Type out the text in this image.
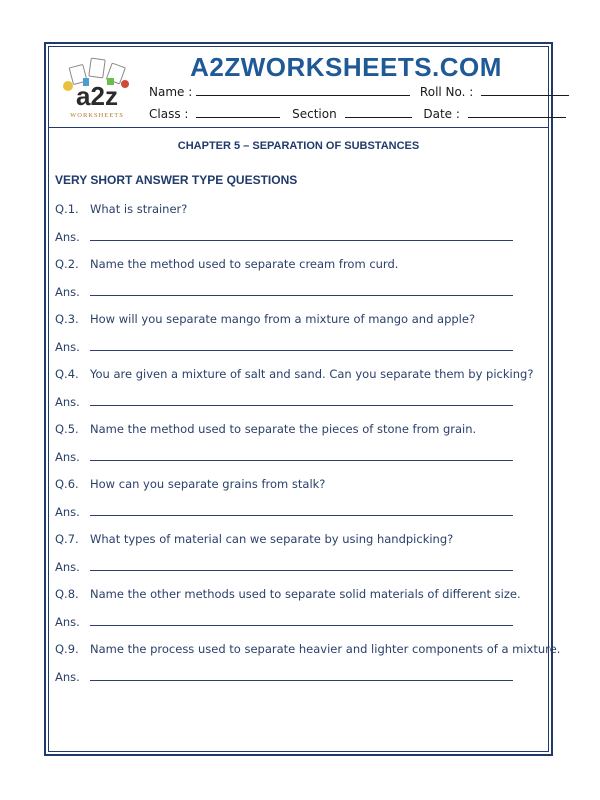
a2z
WORKSHEETS
A2ZWORKSHEETS.COM
Name :	Roll No. :
Class :	Section	Date :
CHAPTER 5 – SEPARATION OF SUBSTANCES
VERY SHORT ANSWER TYPE QUESTIONS
Q.1. What is strainer?
Ans.
Q.2. Name the method used to separate cream from curd.
Ans.
Q.3. How will you separate mango from a mixture of mango and apple?
Ans.
Q.4. You are given a mixture of salt and sand. Can you separate them by picking?
Ans.
Q.5. Name the method used to separate the pieces of stone from grain.
Ans.
Q.6. How can you separate grains from stalk?
Ans.
Q.7. What types of material can we separate by using handpicking?
Ans.
Q.8. Name the other methods used to separate solid materials of different size.
Ans.
Q.9. Name the process used to separate heavier and lighter components of a mixture.
Ans.
